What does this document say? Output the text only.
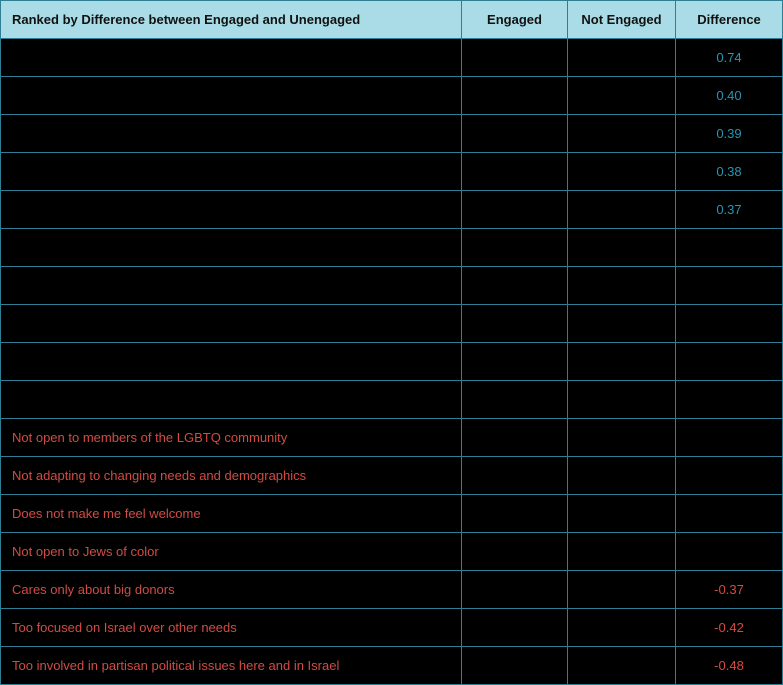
Ranked by Difference between Engaged and Unengaged	Engaged	Not Engaged	Difference
			0.74
			0.40
			0.39
			0.38
			0.37

Not open to members of the LGBTQ community			
Not adapting to changing needs and demographics			
Does not make me feel welcome			
Not open to Jews of color			
Cares only about big donors			-0.37
Too focused on Israel over other needs			-0.42
Too involved in partisan political issues here and in Israel			-0.48
